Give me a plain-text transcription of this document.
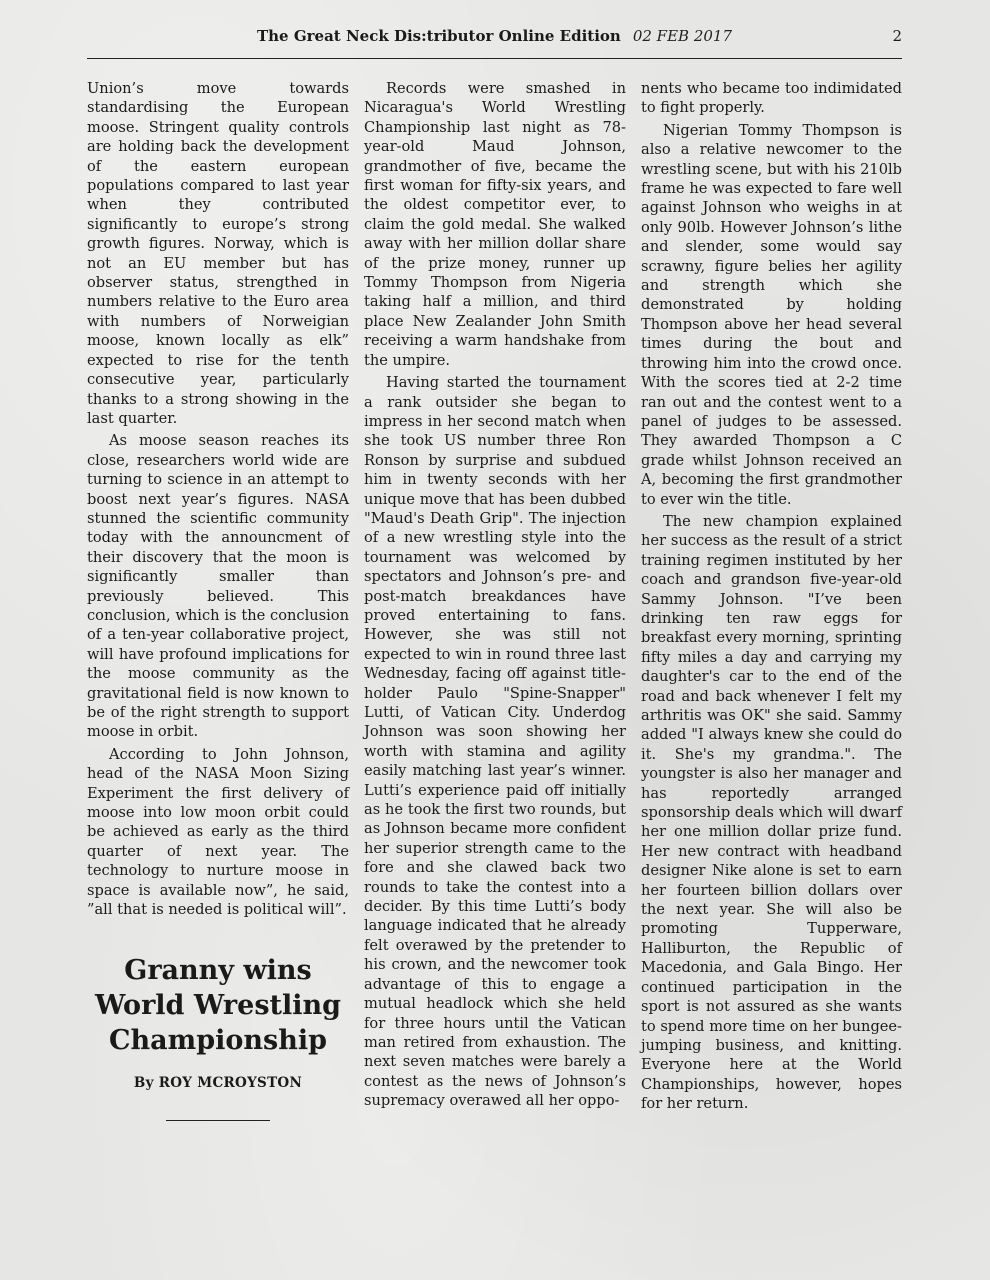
The Great Neck Dis:tributor Online Edition 02 FEB 2017	2

Union’s move towards standardising the European moose. Stringent quality controls are holding back the development of the eastern european populations compared to last year when they contributed significantly to europe’s strong growth figures. Norway, which is not an EU member but has observer status, strengthed in numbers relative to the Euro area with numbers of Norweigian moose, known locally as elk” expected to rise for the tenth consecutive year, particularly thanks to a strong showing in the last quarter.

As moose season reaches its close, researchers world wide are turning to science in an attempt to boost next year’s figures. NASA stunned the scientific community today with the announcment of their discovery that the moon is significantly smaller than previously believed. This conclusion, which is the conclusion of a ten-year collaborative project, will have profound implications for the moose community as the gravitational field is now known to be of the right strength to support moose in orbit.

According to John Johnson, head of the NASA Moon Sizing Experiment the first delivery of moose into low moon orbit could be achieved as early as the third quarter of next year. The technology to nurture moose in space is available now”, he said, ”all that is needed is political will”.

Granny wins World Wrestling Championship
By ROY MCROYSTON

Records were smashed in Nicaragua's World Wrestling Championship last night as 78-year-old Maud Johnson, grandmother of five, became the first woman for fifty-six years, and the oldest competitor ever, to claim the gold medal. She walked away with her million dollar share of the prize money, runner up Tommy Thompson from Nigeria taking half a million, and third place New Zealander John Smith receiving a warm handshake from the umpire.

Having started the tournament a rank outsider she began to impress in her second match when she took US number three Ron Ronson by surprise and subdued him in twenty seconds with her unique move that has been dubbed "Maud's Death Grip". The injection of a new wrestling style into the tournament was welcomed by spectators and Johnson’s pre- and post-match breakdances have proved entertaining to fans. However, she was still not expected to win in round three last Wednesday, facing off against title-holder Paulo "Spine-Snapper" Lutti, of Vatican City. Underdog Johnson was soon showing her worth with stamina and agility easily matching last year’s winner. Lutti’s experience paid off initially as he took the first two rounds, but as Johnson became more confident her superior strength came to the fore and she clawed back two rounds to take the contest into a decider. By this time Lutti’s body language indicated that he already felt overawed by the pretender to his crown, and the newcomer took advantage of this to engage a mutual headlock which she held for three hours until the Vatican man retired from exhaustion. The next seven matches were barely a contest as the news of Johnson’s supremacy overawed all her oppo-

nents who became too indimidated to fight properly.

Nigerian Tommy Thompson is also a relative newcomer to the wrestling scene, but with his 210lb frame he was expected to fare well against Johnson who weighs in at only 90lb. However Johnson’s lithe and slender, some would say scrawny, figure belies her agility and strength which she demonstrated by holding Thompson above her head several times during the bout and throwing him into the crowd once. With the scores tied at 2-2 time ran out and the contest went to a panel of judges to be assessed. They awarded Thompson a C grade whilst Johnson received an A, becoming the first grandmother to ever win the title.

The new champion explained her success as the result of a strict training regimen instituted by her coach and grandson five-year-old Sammy Johnson. "I’ve been drinking ten raw eggs for breakfast every morning, sprinting fifty miles a day and carrying my daughter's car to the end of the road and back whenever I felt my arthritis was OK" she said. Sammy added "I always knew she could do it. She's my grandma.". The youngster is also her manager and has reportedly arranged sponsorship deals which will dwarf her one million dollar prize fund. Her new contract with headband designer Nike alone is set to earn her fourteen billion dollars over the next year. She will also be promoting Tupperware, Halliburton, the Republic of Macedonia, and Gala Bingo. Her continued participation in the sport is not assured as she wants to spend more time on her bungee-jumping business, and knitting. Everyone here at the World Championships, however, hopes for her return.
